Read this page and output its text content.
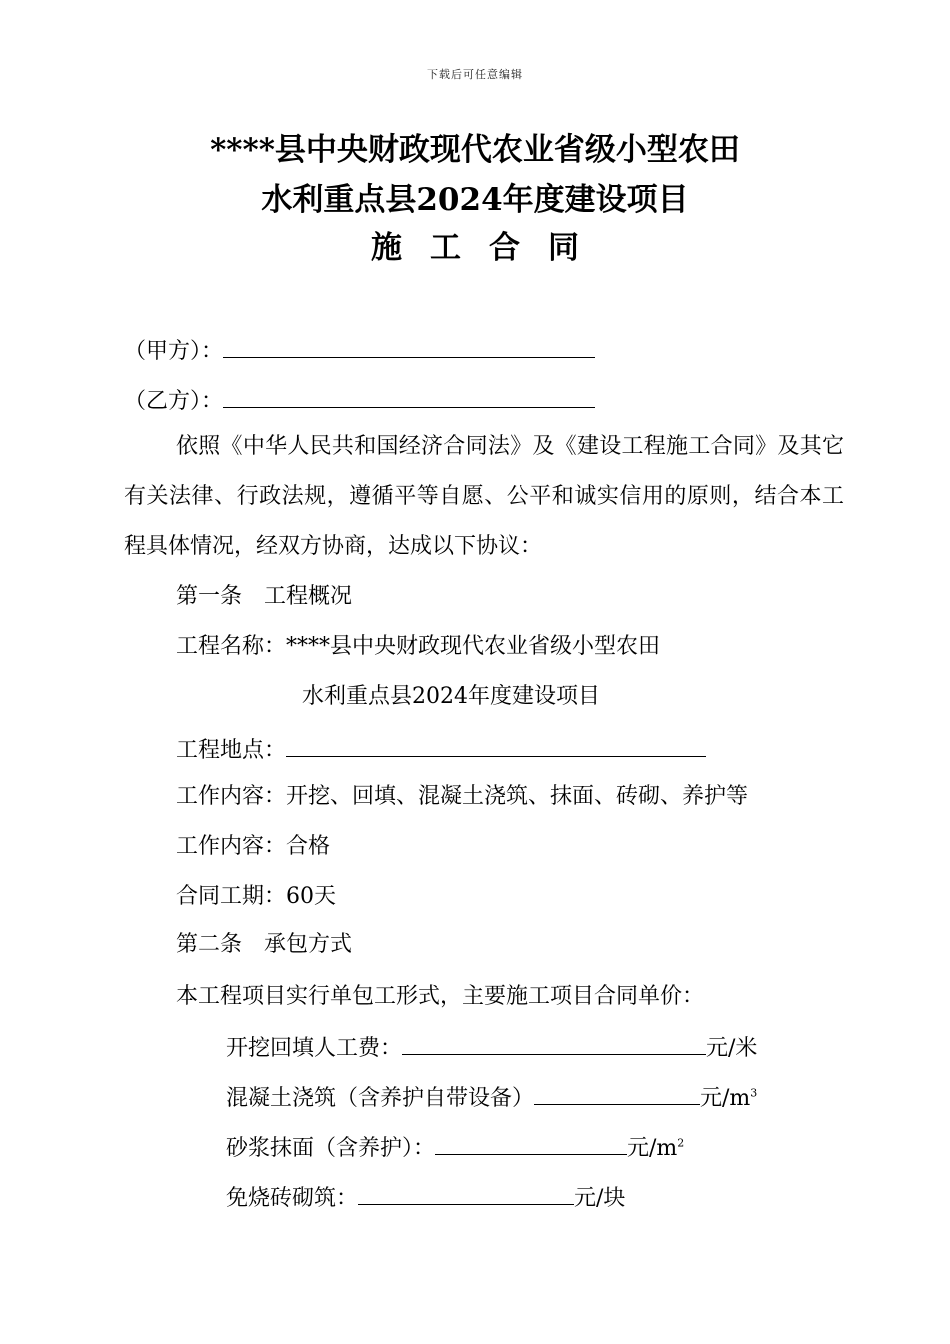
下载后可任意编辑
****县中央财政现代农业省级小型农田
水利重点县2024年度建设项目
施工合同
（甲方）：
（乙方）：
依照《中华人民共和国经济合同法》及《建设工程施工合同》及其它有关法律、行政法规，遵循平等自愿、公平和诚实信用的原则，结合本工程具体情况，经双方协商，达成以下协议：
第一条　工程概况
工程名称：****县中央财政现代农业省级小型农田
水利重点县2024年度建设项目
工程地点：
工作内容：开挖、回填、混凝土浇筑、抹面、砖砌、养护等
工作内容：合格
合同工期：60天
第二条　承包方式
本工程项目实行单包工形式，主要施工项目合同单价：
开挖回填人工费：	元/米
混凝土浇筑（含养护自带设备）	元$/m^3$
砂浆抹面（含养护）：	元$/m^2$
免烧砖砌筑：	元/块
